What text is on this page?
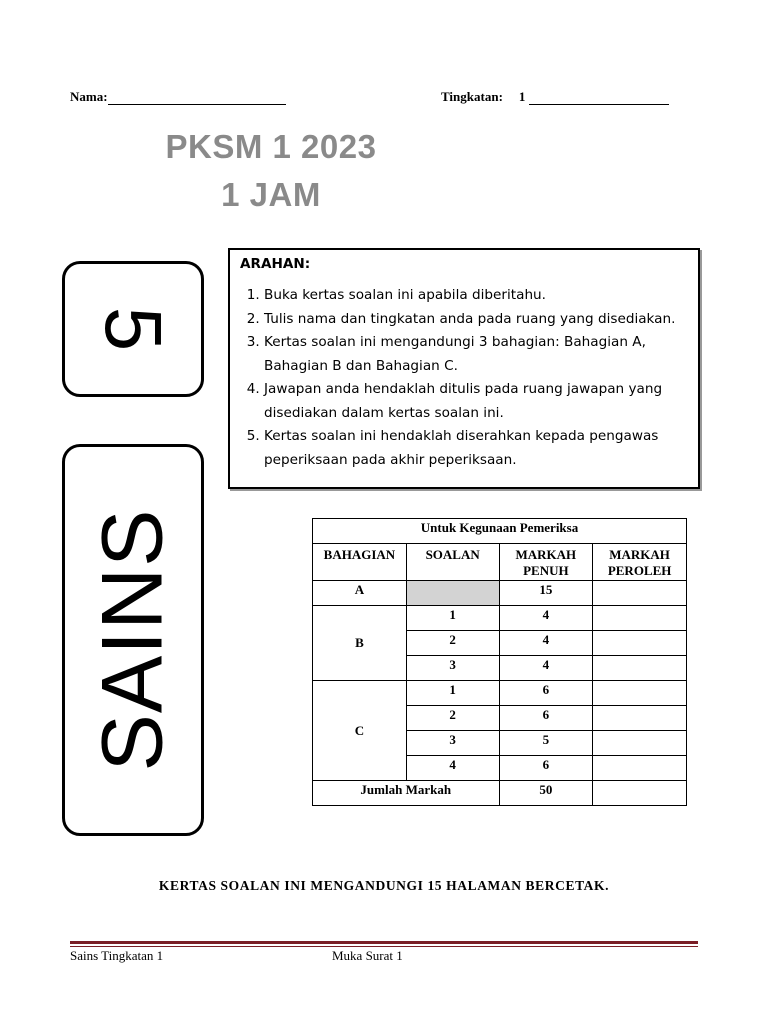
Nama:	Tingkatan: 1
PKSM 1 2023
1 JAM
5
SAINS
ARAHAN:
1. Buka kertas soalan ini apabila diberitahu.
2. Tulis nama dan tingkatan anda pada ruang yang disediakan.
3. Kertas soalan ini mengandungi 3 bahagian: Bahagian A, Bahagian B dan Bahagian C.
4. Jawapan anda hendaklah ditulis pada ruang jawapan yang disediakan dalam kertas soalan ini.
5. Kertas soalan ini hendaklah diserahkan kepada pengawas peperiksaan pada akhir peperiksaan.
Untuk Kegunaan Pemeriksa			
BAHAGIAN	SOALAN	MARKAH PENUH	MARKAH PEROLEH
A		15	
B	1	4	
	2	4	
	3	4	
C	1	6	
	2	6	
	3	5	
	4	6	
Jumlah Markah		50	
KERTAS SOALAN INI MENGANDUNGI 15 HALAMAN BERCETAK.
Sains Tingkatan 1	Muka Surat 1
